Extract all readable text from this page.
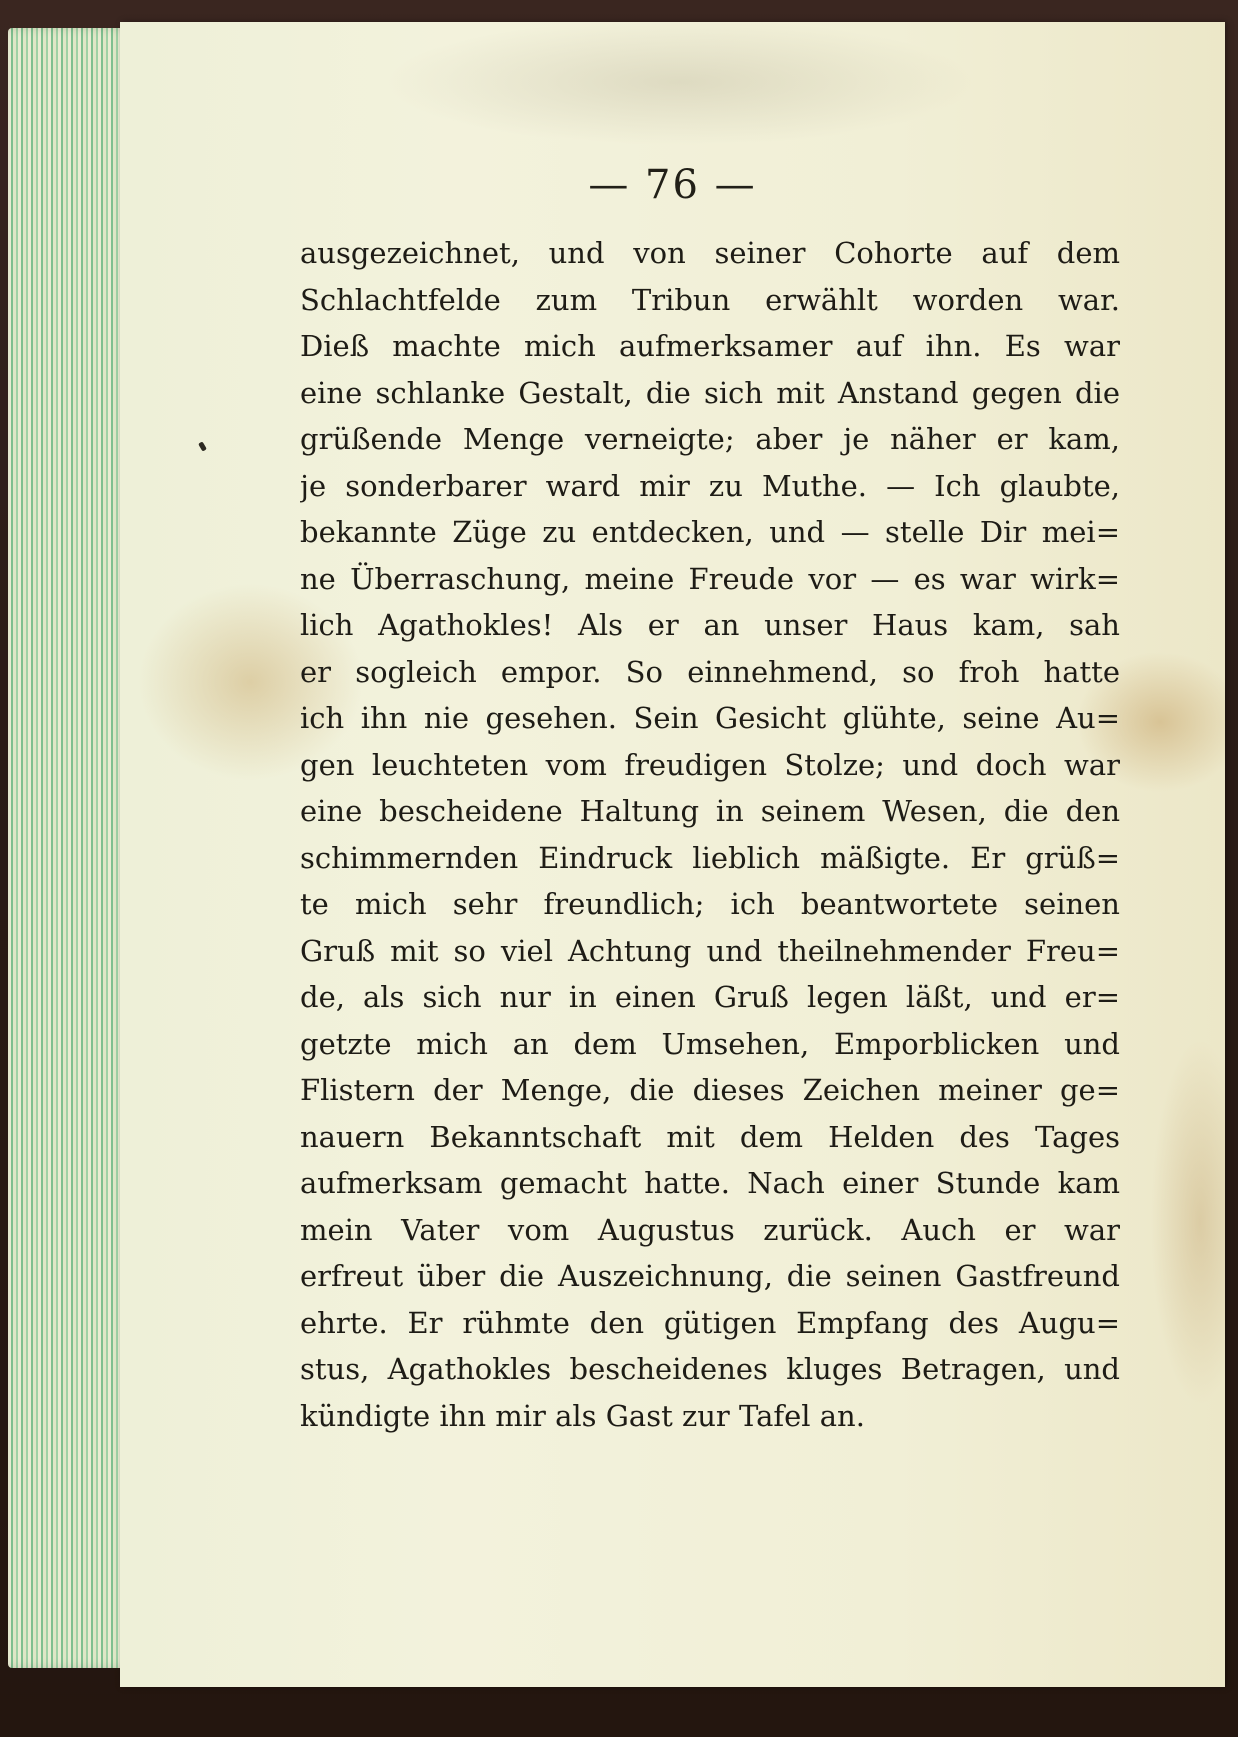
— 76 —
ausgezeichnet, und von seiner Cohorte auf dem
Schlachtfelde zum Tribun erwählt worden war.
Dieß machte mich aufmerksamer auf ihn. Es war
eine schlanke Gestalt, die sich mit Anstand gegen die
grüßende Menge verneigte; aber je näher er kam,
je sonderbarer ward mir zu Muthe. — Ich glaubte,
bekannte Züge zu entdecken, und — stelle Dir mei=
ne Überraschung, meine Freude vor — es war wirk=
lich Agathokles! Als er an unser Haus kam, sah
er sogleich empor. So einnehmend, so froh hatte
ich ihn nie gesehen. Sein Gesicht glühte, seine Au=
gen leuchteten vom freudigen Stolze; und doch war
eine bescheidene Haltung in seinem Wesen, die den
schimmernden Eindruck lieblich mäßigte. Er grüß=
te mich sehr freundlich; ich beantwortete seinen
Gruß mit so viel Achtung und theilnehmender Freu=
de, als sich nur in einen Gruß legen läßt, und er=
getzte mich an dem Umsehen, Emporblicken und
Flistern der Menge, die dieses Zeichen meiner ge=
nauern Bekanntschaft mit dem Helden des Tages
aufmerksam gemacht hatte. Nach einer Stunde kam
mein Vater vom Augustus zurück. Auch er war
erfreut über die Auszeichnung, die seinen Gastfreund
ehrte. Er rühmte den gütigen Empfang des Augu=
stus, Agathokles bescheidenes kluges Betragen, und
kündigte ihn mir als Gast zur Tafel an.
